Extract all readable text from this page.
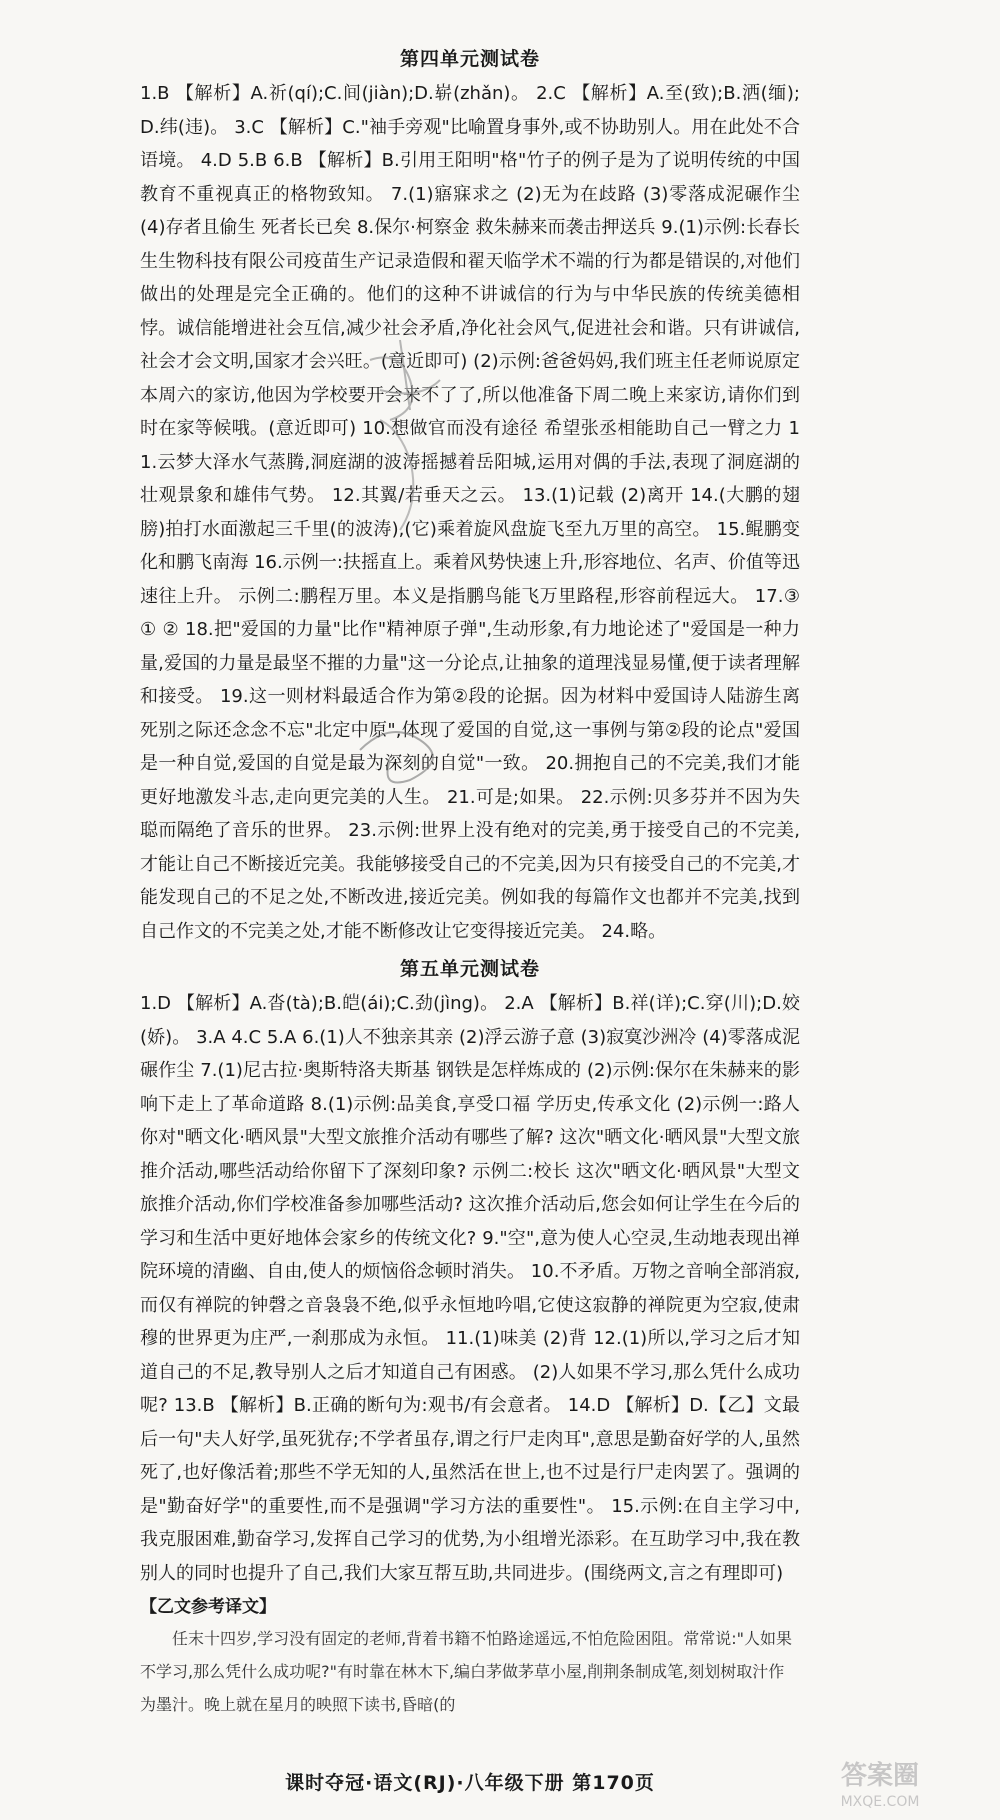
第四单元测试卷

1.B 【解析】A.祈(qí);C.间(jiàn);D.崭(zhǎn)。 2.C 【解析】A.至(致);B.洒(缅);D.纬(违)。 3.C 【解析】C."袖手旁观"比喻置身事外,或不协助别人。用在此处不合语境。 4.D 5.B 6.B 【解析】B.引用王阳明"格"竹子的例子是为了说明传统的中国教育不重视真正的格物致知。 7.(1)寤寐求之 (2)无为在歧路 (3)零落成泥碾作尘 (4)存者且偷生 死者长已矣 8.保尔·柯察金 救朱赫来而袭击押送兵 9.(1)示例:长春长生生物科技有限公司疫苗生产记录造假和翟天临学术不端的行为都是错误的,对他们做出的处理是完全正确的。他们的这种不讲诚信的行为与中华民族的传统美德相悖。诚信能增进社会互信,减少社会矛盾,净化社会风气,促进社会和谐。只有讲诚信,社会才会文明,国家才会兴旺。(意近即可) (2)示例:爸爸妈妈,我们班主任老师说原定本周六的家访,他因为学校要开会来不了了,所以他准备下周二晚上来家访,请你们到时在家等候哦。(意近即可) 10.想做官而没有途径 希望张丞相能助自己一臂之力 11.云梦大泽水气蒸腾,洞庭湖的波涛摇撼着岳阳城,运用对偶的手法,表现了洞庭湖的壮观景象和雄伟气势。 12.其翼/若垂天之云。 13.(1)记载 (2)离开 14.(大鹏的翅膀)拍打水面激起三千里(的波涛),(它)乘着旋风盘旋飞至九万里的高空。 15.鲲鹏变化和鹏飞南海 16.示例一:扶摇直上。乘着风势快速上升,形容地位、名声、价值等迅速往上升。 示例二:鹏程万里。本义是指鹏鸟能飞万里路程,形容前程远大。 17.③ ① ② 18.把"爱国的力量"比作"精神原子弹",生动形象,有力地论述了"爱国是一种力量,爱国的力量是最坚不摧的力量"这一分论点,让抽象的道理浅显易懂,便于读者理解和接受。 19.这一则材料最适合作为第②段的论据。因为材料中爱国诗人陆游生离死别之际还念念不忘"北定中原",体现了爱国的自觉,这一事例与第②段的论点"爱国是一种自觉,爱国的自觉是最为深刻的自觉"一致。 20.拥抱自己的不完美,我们才能更好地激发斗志,走向更完美的人生。 21.可是;如果。 22.示例:贝多芬并不因为失聪而隔绝了音乐的世界。 23.示例:世界上没有绝对的完美,勇于接受自己的不完美,才能让自己不断接近完美。我能够接受自己的不完美,因为只有接受自己的不完美,才能发现自己的不足之处,不断改进,接近完美。例如我的每篇作文也都并不完美,找到自己作文的不完美之处,才能不断修改让它变得接近完美。 24.略。

第五单元测试卷

1.D 【解析】A.沓(tà);B.皑(ái);C.劲(jìng)。 2.A 【解析】B.祥(详);C.穿(川);D.姣(娇)。 3.A 4.C 5.A 6.(1)人不独亲其亲 (2)浮云游子意 (3)寂寞沙洲冷 (4)零落成泥碾作尘 7.(1)尼古拉·奥斯特洛夫斯基 钢铁是怎样炼成的 (2)示例:保尔在朱赫来的影响下走上了革命道路 8.(1)示例:品美食,享受口福 学历史,传承文化 (2)示例一:路人 你对"晒文化·晒风景"大型文旅推介活动有哪些了解? 这次"晒文化·晒风景"大型文旅推介活动,哪些活动给你留下了深刻印象? 示例二:校长 这次"晒文化·晒风景"大型文旅推介活动,你们学校准备参加哪些活动? 这次推介活动后,您会如何让学生在今后的学习和生活中更好地体会家乡的传统文化? 9."空",意为使人心空灵,生动地表现出禅院环境的清幽、自由,使人的烦恼俗念顿时消失。 10.不矛盾。万物之音响全部消寂,而仅有禅院的钟磬之音袅袅不绝,似乎永恒地吟唱,它使这寂静的禅院更为空寂,使肃穆的世界更为庄严,一刹那成为永恒。 11.(1)味美 (2)背 12.(1)所以,学习之后才知道自己的不足,教导别人之后才知道自己有困惑。 (2)人如果不学习,那么凭什么成功呢? 13.B 【解析】B.正确的断句为:观书/有会意者。 14.D 【解析】D.【乙】文最后一句"夫人好学,虽死犹存;不学者虽存,谓之行尸走肉耳",意思是勤奋好学的人,虽然死了,也好像活着;那些不学无知的人,虽然活在世上,也不过是行尸走肉罢了。强调的是"勤奋好学"的重要性,而不是强调"学习方法的重要性"。 15.示例:在自主学习中,我克服困难,勤奋学习,发挥自己学习的优势,为小组增光添彩。在互助学习中,我在教别人的同时也提升了自己,我们大家互帮互助,共同进步。(围绕两文,言之有理即可)

【乙文参考译文】

任末十四岁,学习没有固定的老师,背着书籍不怕路途遥远,不怕危险困阻。常常说:"人如果不学习,那么凭什么成功呢?"有时靠在林木下,编白茅做茅草小屋,削荆条制成笔,刻划树取汁作为墨汁。晚上就在星月的映照下读书,昏暗(的

课时夺冠·语文(RJ)·八年级下册 第170页	答案圈
MXQE.COM
